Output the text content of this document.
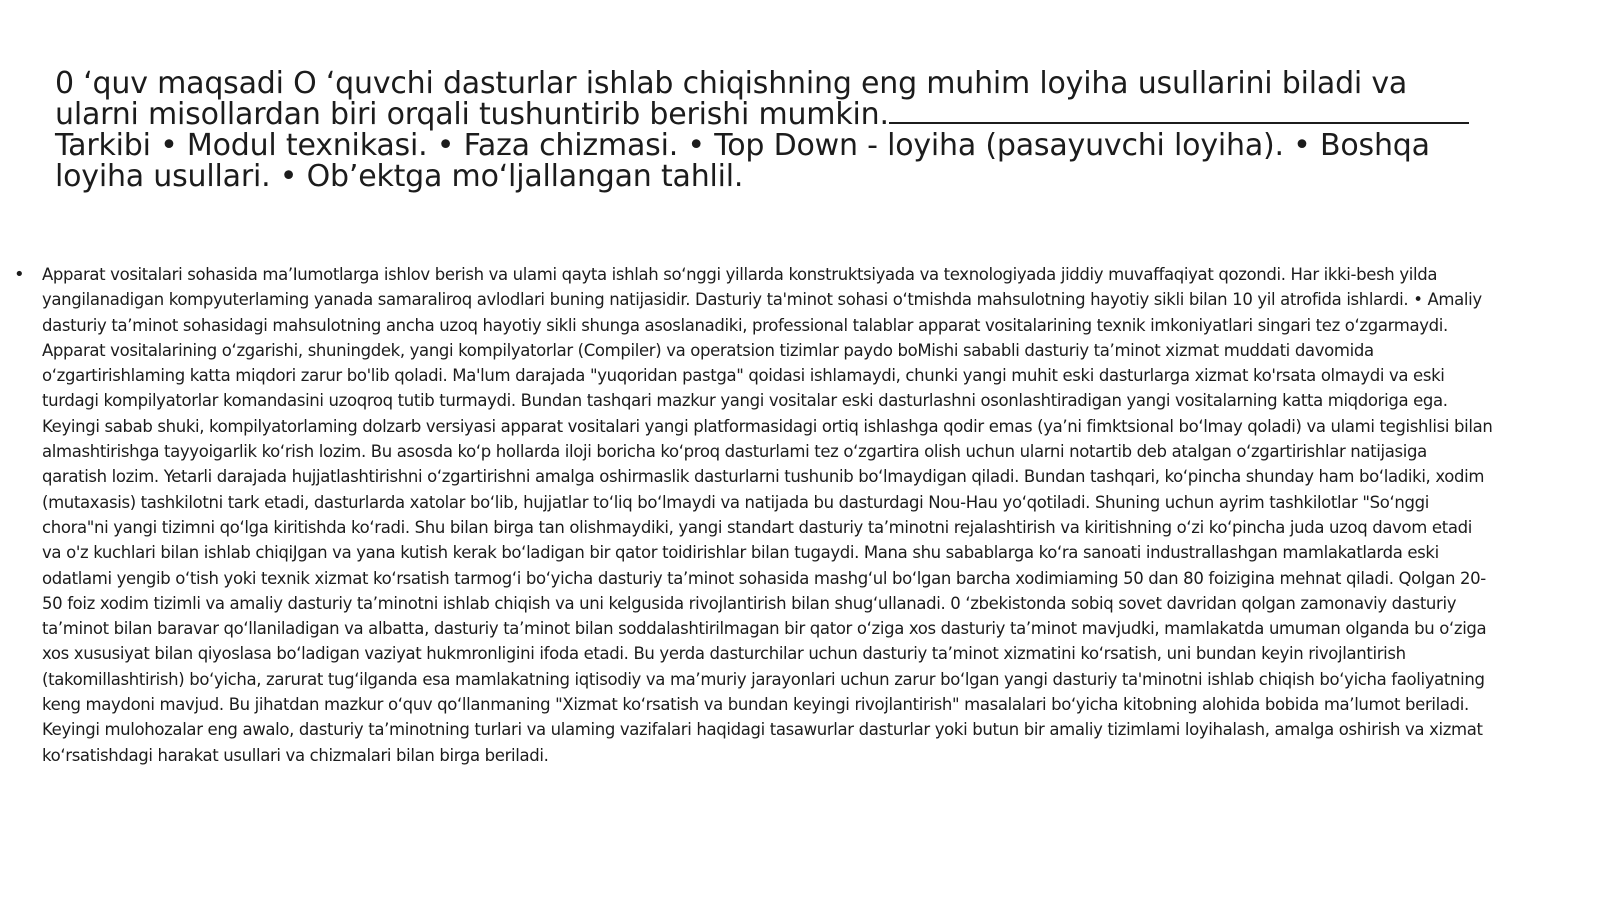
0 ‘quv maqsadi O ‘quvchi dasturlar ishlab chiqishning eng muhim loyiha usullarini biladi va ularni misollardan biri orqali tushuntirib berishi mumkin.
Tarkibi • Modul texnikasi. • Faza chizmasi. • Top Down - loyiha (pasayuvchi loyiha). • Boshqa loyiha usullari. • Ob’ektga mo‘ljallangan tahlil.
• Apparat vositalari sohasida ma’Iumotlarga ishlov berish va ulami qayta ishlah so‘nggi yillarda konstruktsiyada va texnologiyada jiddiy muvaffaqiyat qozondi. Har ikki-besh yilda yangilanadigan kompyuterlaming yanada samaraliroq avlodlari buning natijasidir. Dasturiy ta'minot sohasi o‘tmishda mahsulotning hayotiy sikli bilan 10 yil atrofida ishlardi. • Amaliy dasturiy ta’minot sohasidagi mahsulotning ancha uzoq hayotiy sikli shunga asoslanadiki, professional talablar apparat vositalarining texnik imkoniyatlari singari tez o‘zgarmaydi. Apparat vositalarining o‘zgarishi, shuningdek, yangi kompilyatorlar (Compiler) va operatsion tizimlar paydo boMishi sababli dasturiy ta’minot xizmat muddati davomida o‘zgartirishlaming katta miqdori zarur bo'lib qoladi. Ma'lum darajada "yuqoridan pastga" qoidasi ishlamaydi, chunki yangi muhit eski dasturlarga xizmat ko'rsata olmaydi va eski turdagi kompilyatorlar komandasini uzoqroq tutib turmaydi. Bundan tashqari mazkur yangi vositalar eski dasturlashni osonlashtiradigan yangi vositalarning katta miqdoriga ega. Keyingi sabab shuki, kompilyatorlaming dolzarb versiyasi apparat vositalari yangi platformasidagi ortiq ishlashga qodir emas (ya’ni fimktsional bo‘lmay qoladi) va ulami tegishlisi bilan almashtirishga tayyoigarlik ko‘rish lozim. Bu asosda ko‘p hollarda iloji boricha ko‘proq dasturlami tez o‘zgartira olish uchun ularni notartib deb atalgan o‘zgartirishlar natijasiga qaratish lozim. Yetarli darajada hujjatlashtirishni o‘zgartirishni amalga oshirmaslik dasturlarni tushunib bo‘lmaydigan qiladi. Bundan tashqari, ko‘pincha shunday ham bo‘ladiki, xodim (mutaxasis) tashkilotni tark etadi, dasturlarda xatolar bo‘lib, hujjatlar to‘liq bo‘lmaydi va natijada bu dasturdagi Nou-Hau yo‘qotiladi. Shuning uchun ayrim tashkilotlar "So‘nggi chora"ni yangi tizimni qo‘lga kiritishda ko‘radi. Shu bilan birga tan olishmaydiki, yangi standart dasturiy ta’minotni rejalashtirish va kiritishning o‘zi ko‘pincha juda uzoq davom etadi va o'z kuchlari bilan ishlab chiqiJgan va yana kutish kerak bo‘ladigan bir qator toidirishlar bilan tugaydi. Mana shu sabablarga ko‘ra sanoati industrallashgan mamlakatlarda eski odatlami yengib o‘tish yoki texnik xizmat ko‘rsatish tarmog‘i bo‘yicha dasturiy ta’minot sohasida mashg‘ul bo‘lgan barcha xodimiaming 50 dan 80 foizigina mehnat qiladi. Qolgan 20-50 foiz xodim tizimli va amaliy dasturiy ta’minotni ishlab chiqish va uni kelgusida rivojlantirish bilan shug‘ullanadi. 0 ‘zbekistonda sobiq sovet davridan qolgan zamonaviy dasturiy ta’minot bilan baravar qo‘llaniladigan va albatta, dasturiy ta’minot bilan soddalashtirilmagan bir qator o‘ziga xos dasturiy ta’minot mavjudki, mamlakatda umuman olganda bu o‘ziga xos xususiyat bilan qiyoslasa bo‘ladigan vaziyat hukmronligini ifoda etadi. Bu yerda dasturchilar uchun dasturiy ta’minot xizmatini ko‘rsatish, uni bundan keyin rivojlantirish (takomillashtirish) bo‘yicha, zarurat tug‘ilganda esa mamlakatning iqtisodiy va ma’muriy jarayonlari uchun zarur bo‘lgan yangi dasturiy ta'minotni ishlab chiqish bo‘yicha faoliyatning keng maydoni mavjud. Bu jihatdan mazkur o‘quv qo‘llanmaning "Xizmat ko‘rsatish va bundan keyingi rivojlantirish" masalalari bo‘yicha kitobning alohida bobida ma’lumot beriladi. Keyingi mulohozalar eng awalo, dasturiy ta’minotning turlari va ulaming vazifalari haqidagi tasawurlar dasturlar yoki butun bir amaliy tizimlami loyihalash, amalga oshirish va xizmat ko‘rsatishdagi harakat usullari va chizmalari bilan birga beriladi.
